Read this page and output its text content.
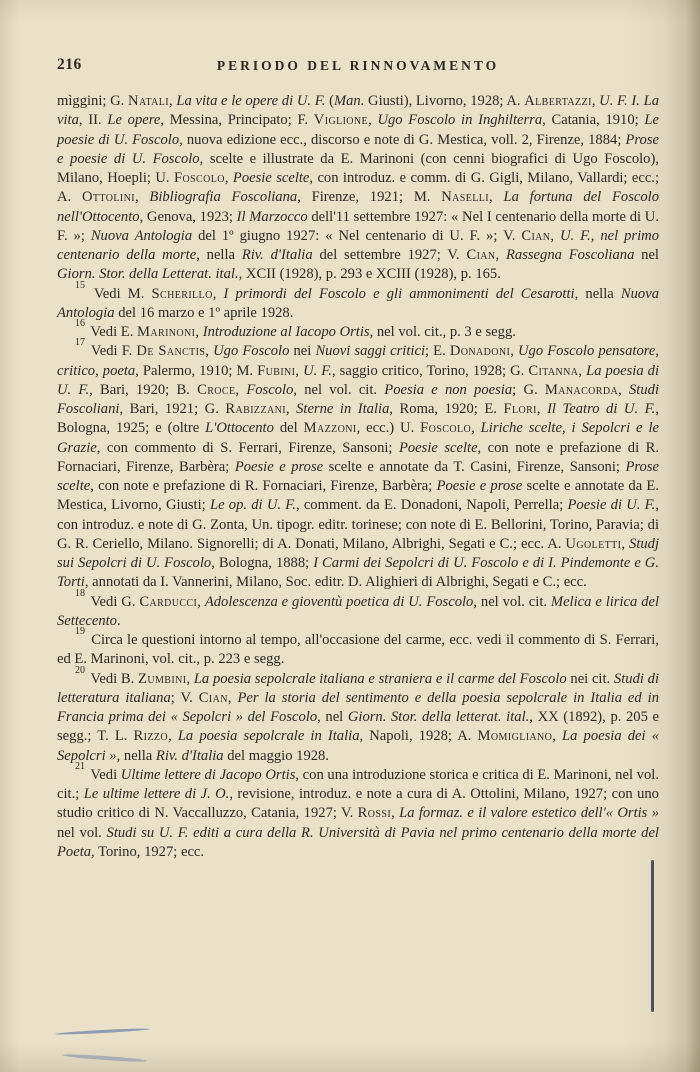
216	PERIODO DEL RINNOVAMENTO

mìggini; G. Natali, La vita e le opere di U. F. (Man. Giusti), Livorno, 1928; A. Albertazzi, U. F. I. La vita, II. Le opere, Messina, Principato; F. Viglione, Ugo Foscolo in Inghilterra, Catania, 1910; Le poesie di U. Foscolo, nuova edizione ecc., discorso e note di G. Mestica, voll. 2, Firenze, 1884; Prose e poesie di U. Foscolo, scelte e illustrate da E. Marinoni (con cenni biografici di Ugo Foscolo), Milano, Hoepli; U. Foscolo, Poesie scelte, con introduz. e comm. di G. Gigli, Milano, Vallardi; ecc.; A. Ottolini, Bibliografia Foscoliana, Firenze, 1921; M. Naselli, La fortuna del Foscolo nell'Ottocento, Genova, 1923; Il Marzocco dell'11 settembre 1927: « Nel I centenario della morte di U. F. »; Nuova Antologia del 1º giugno 1927: « Nel centenario di U. F. »; V. Cian, U. F., nel primo centenario della morte, nella Riv. d'Italia del settembre 1927; V. Cian, Rassegna Foscoliana nel Giorn. Stor. della Letterat. ital., XCII (1928), p. 293 e XCIII (1928), p. 165.

$^{15}$ Vedi M. Scherillo, I primordi del Foscolo e gli ammonimenti del Cesarotti, nella Nuova Antologia del 16 marzo e 1º aprile 1928.

$^{16}$ Vedi E. Marinoni, Introduzione al Iacopo Ortis, nel vol. cit., p. 3 e segg.

$^{17}$ Vedi F. De Sanctis, Ugo Foscolo nei Nuovi saggi critici; E. Donadoni, Ugo Foscolo pensatore, critico, poeta, Palermo, 1910; M. Fubini, U. F., saggio critico, Torino, 1928; G. Citanna, La poesia di U. F., Bari, 1920; B. Croce, Foscolo, nel vol. cit. Poesia e non poesia; G. Manacorda, Studi Foscoliani, Bari, 1921; G. Rabizzani, Sterne in Italia, Roma, 1920; E. Flori, Il Teatro di U. F., Bologna, 1925; e (oltre L'Ottocento del Mazzoni, ecc.) U. Foscolo, Liriche scelte, i Sepolcri e le Grazie, con commento di S. Ferrari, Firenze, Sansoni; Poesie scelte, con note e prefazione di R. Fornaciari, Firenze, Barbèra; Poesie e prose scelte e annotate da T. Casini, Firenze, Sansoni; Prose scelte, con note e prefazione di R. Fornaciari, Firenze, Barbèra; Poesie e prose scelte e annotate da E. Mestica, Livorno, Giusti; Le op. di U. F., comment. da E. Donadoni, Napoli, Perrella; Poesie di U. F., con introduz. e note di G. Zonta, Un. tipogr. editr. torinese; con note di E. Bellorini, Torino, Paravia; di G. R. Ceriello, Milano. Signorelli; di A. Donati, Milano, Albrighi, Segati e C.; ecc. A. Ugoletti, Studj sui Sepolcri di U. Foscolo, Bologna, 1888; I Carmi dei Sepolcri di U. Foscolo e di I. Pindemonte e G. Torti, annotati da I. Vannerini, Milano, Soc. editr. D. Alighieri di Albrighi, Segati e C.; ecc.

$^{18}$ Vedi G. Carducci, Adolescenza e gioventù poetica di U. Foscolo, nel vol. cit. Melica e lirica del Settecento.

$^{19}$ Circa le questioni intorno al tempo, all'occasione del carme, ecc. vedi il commento di S. Ferrari, ed E. Marinoni, vol. cit., p. 223 e segg.

$^{20}$ Vedi B. Zumbini, La poesia sepolcrale italiana e straniera e il carme del Foscolo nei cit. Studi di letteratura italiana; V. Cian, Per la storia del sentimento e della poesia sepolcrale in Italia ed in Francia prima dei « Sepolcri » del Foscolo, nel Giorn. Stor. della letterat. ital., XX (1892), p. 205 e segg.; T. L. Rizzo, La poesia sepolcrale in Italia, Napoli, 1928; A. Momigliano, La poesia dei « Sepolcri », nella Riv. d'Italia del maggio 1928.

$^{21}$ Vedi Ultime lettere di Jacopo Ortis, con una introduzione storica e critica di E. Marinoni, nel vol. cit.; Le ultime lettere di J. O., revisione, introduz. e note a cura di A. Ottolini, Milano, 1927; con uno studio critico di N. Vaccalluzzo, Catania, 1927; V. Rossi, La formaz. e il valore estetico dell'« Ortis » nel vol. Studi su U. F. editi a cura della R. Università di Pavia nel primo centenario della morte del Poeta, Torino, 1927; ecc.
